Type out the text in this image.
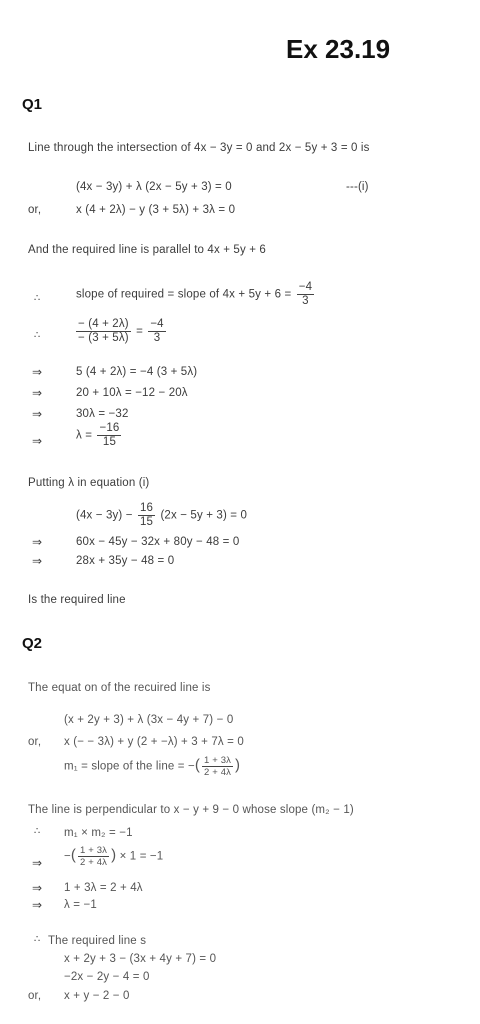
Ex 23.19
Q1
Line through the intersection of 4x − 3y = 0 and 2x − 5y + 3 = 0 is
(4x − 3y) + λ (2x − 5y + 3) = 0	---(i)
or,	x (4 + 2λ) − y (3 + 5λ) + 3λ = 0
And the required line is parallel to 4x + 5y + 6
∴	slope of required = slope of $4x + 5y + 6 = \frac{-4}{3}$
∴	$\frac{- (4 + 2\lambda)}{- (3 + 5\lambda)} = \frac{-4}{3}$
⇒	5 (4 + 2λ) = −4 (3 + 5λ)
⇒	20 + 10λ = −12 − 20λ
⇒	30λ = −32
⇒	$\lambda = \frac{-16}{15}$
Putting λ in equation (i)
$(4x - 3y) - \frac{16}{15} (2x - 5y + 3) = 0$
⇒	60x − 45y − 32x + 80y − 48 = 0
⇒	28x + 35y − 48 = 0
Is the required line
Q2
The equat on of the recuired line is
(x + 2y + 3) + λ (3x − 4y + 7) − 0
or, x (− − 3λ) + y (2 + −λ) + 3 + 7λ = 0
m₁ = slope of the line = −( $\frac{1 + 3\lambda}{2 + 4\lambda}$ )
The line is perpendicular to x − y + 9 − 0 whose slope (m₂ − 1)
∴ m₁ × m₂ = −1
⇒ −( $\frac{1 + 3\lambda}{2 + 4\lambda}$ ) × 1 = −1
⇒ 1 + 3λ = 2 + 4λ
⇒ λ = −1
∴ The required line s
x + 2y + 3 − (3x + 4y + 7) = 0
−2x − 2y − 4 = 0
or, x + y − 2 − 0
